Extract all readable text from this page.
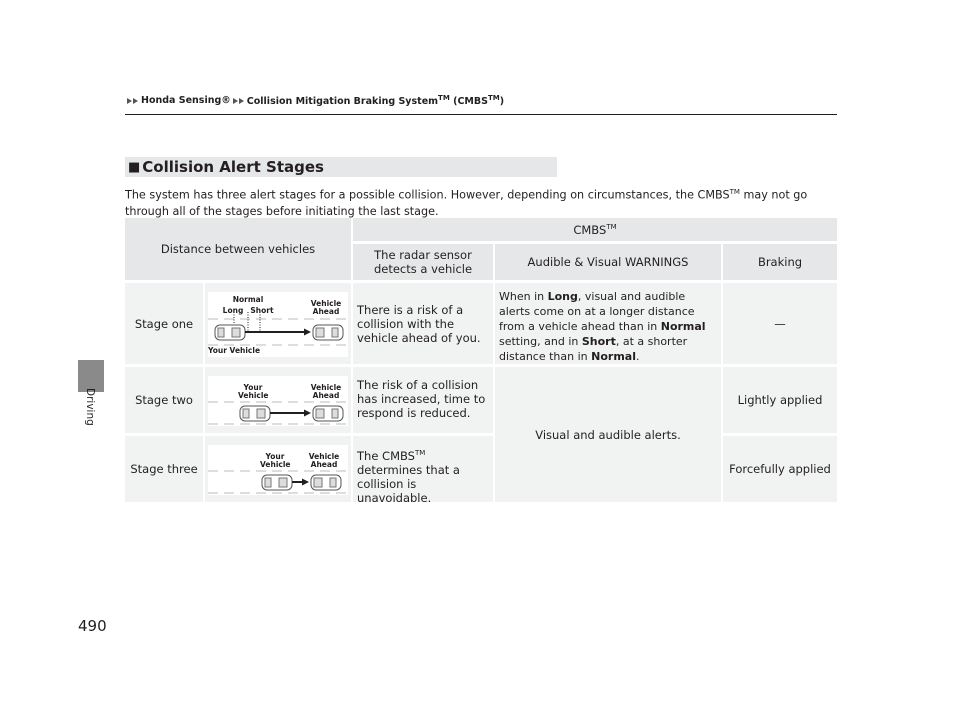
Honda Sensing® Collision Mitigation Braking System™ (CMBS™)
Driving
490
■ Collision Alert Stages
The system has three alert stages for a possible collision. However, depending on circumstances, the CMBS™ may not go through all of the stages before initiating the last stage.
Distance between vehicles
CMBS™
The radar sensor detects a vehicle	Audible & Visual WARNINGS	Braking
Stage one
There is a risk of a collision with the vehicle ahead of you.
When in Long, visual and audible alerts come on at a longer distance from a vehicle ahead than in Normal setting, and in Short, at a shorter distance than in Normal.
—
Stage two
The risk of a collision has increased, time to respond is reduced.
Visual and audible alerts.
Lightly applied
Stage three
The CMBS™ determines that a collision is unavoidable.
Forcefully applied
Normal
Long Short
Vehicle Ahead
Your Vehicle
Your Vehicle
Vehicle Ahead
Your Vehicle
Vehicle Ahead
